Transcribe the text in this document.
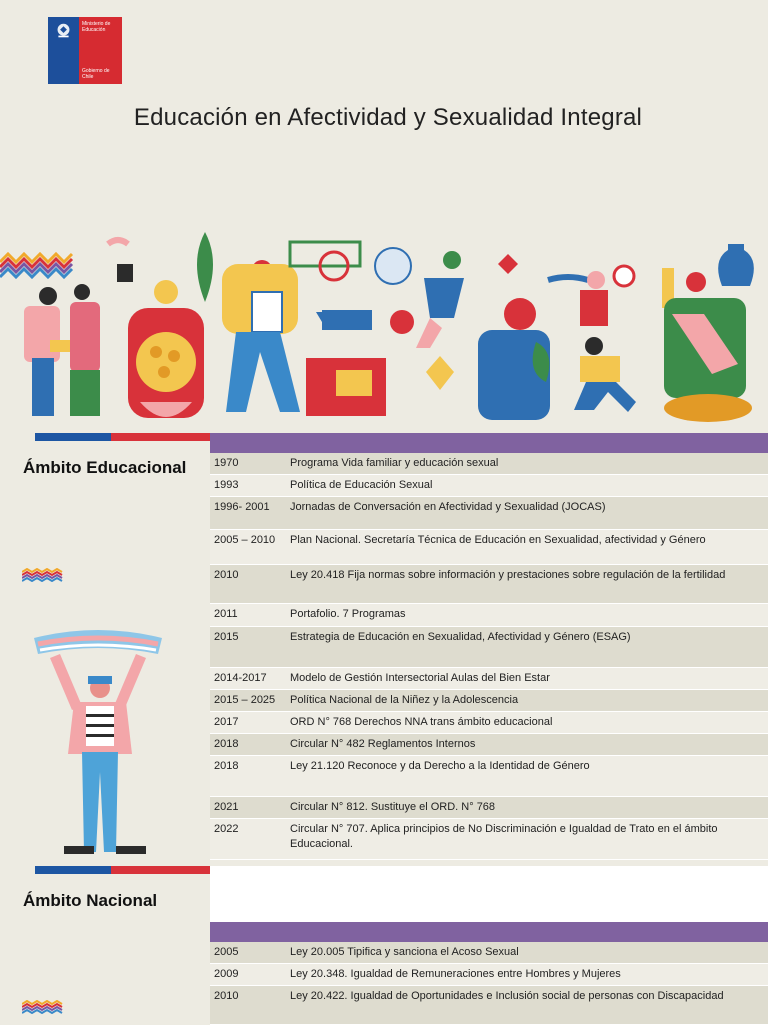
Ministerio de
Educación
Gobierno de Chile
Educación en Afectividad y Sexualidad Integral
Ámbito Educacional	1970	Programa Vida familiar y educación sexual
1993	Política de Educación Sexual
1996- 2001	Jornadas de Conversación en Afectividad y Sexualidad (JOCAS)
2005 – 2010	Plan Nacional. Secretaría Técnica de Educación en Sexualidad, afectividad y Género
2010	Ley 20.418 Fija normas sobre información y prestaciones sobre regulación de la fertilidad
2011	Portafolio. 7 Programas
2015	Estrategia de Educación en Sexualidad, Afectividad y Género (ESAG)
2014-2017	Modelo de Gestión Intersectorial Aulas del Bien Estar
2015 – 2025	Política Nacional de la Niñez y la Adolescencia
2017	ORD N° 768 Derechos NNA trans ámbito educacional
2018	Circular N° 482 Reglamentos Internos
2018	Ley 21.120 Reconoce y da Derecho a la Identidad de Género
2021	Circular N° 812. Sustituye el ORD. N° 768
2022	Circular N° 707. Aplica principios de No Discriminación e Igualdad de Trato en el ámbito Educacional.
Ámbito Nacional
2005	Ley 20.005 Tipifica y sanciona el Acoso Sexual
2009	Ley 20.348. Igualdad de Remuneraciones entre Hombres y Mujeres
2010	Ley 20.422. Igualdad de Oportunidades e Inclusión social de personas con Discapacidad
